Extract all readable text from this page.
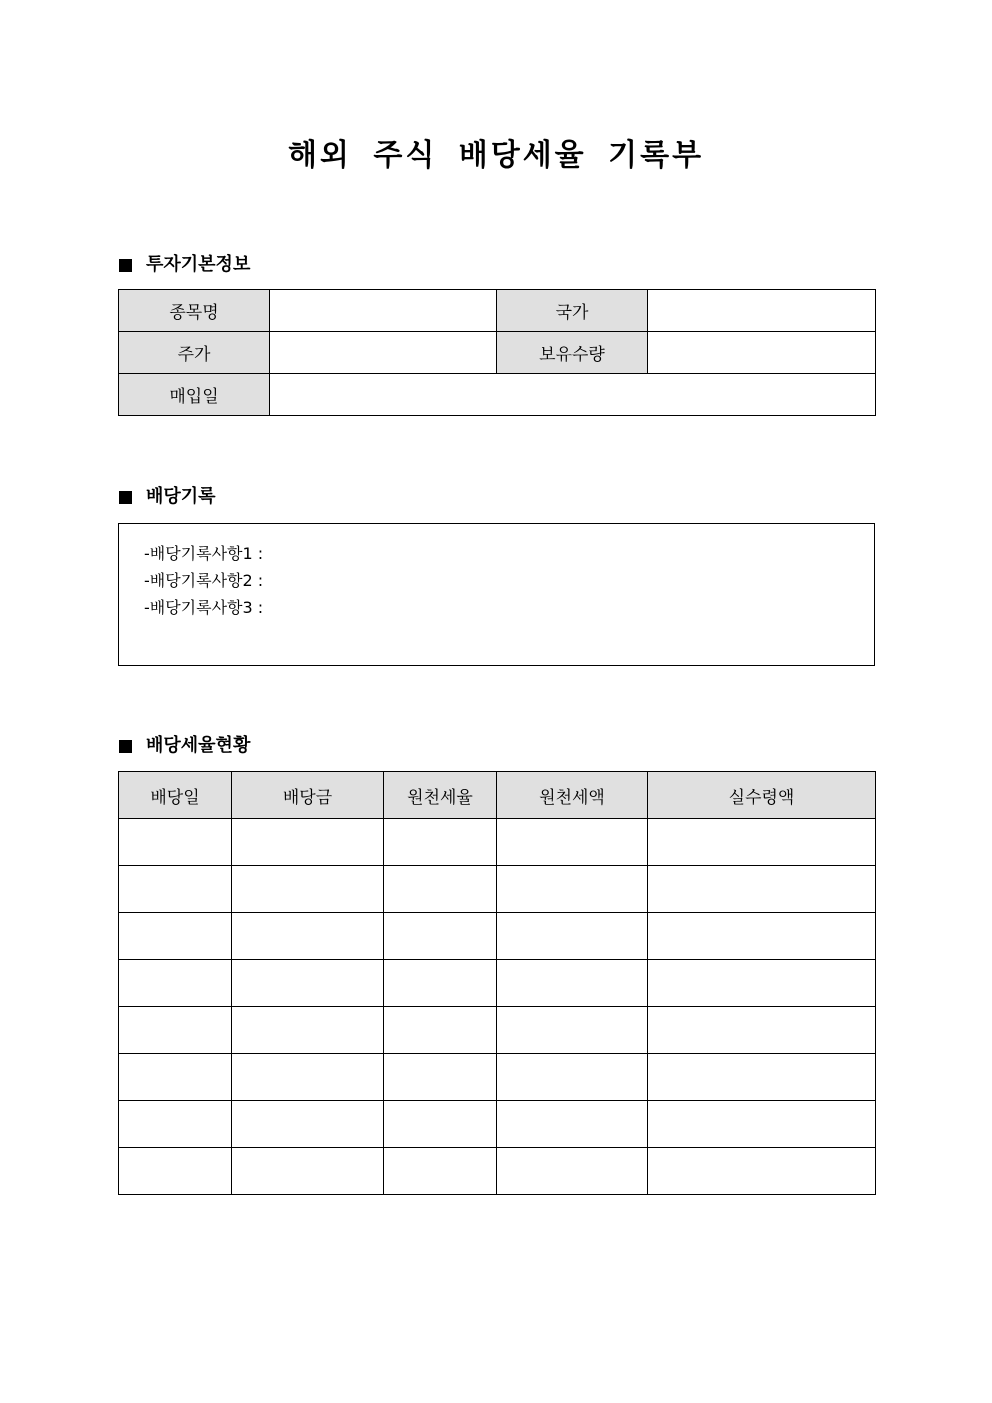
해외 주식 배당세율 기록부
투자기본정보
종목명		국가	
주가		보유수량	
매입일			
배당기록
-배당기록사항1 :
-배당기록사항2 :
-배당기록사항3 :
배당세율현황
배당일	배당금	원천세율	원천세액	실수령액
